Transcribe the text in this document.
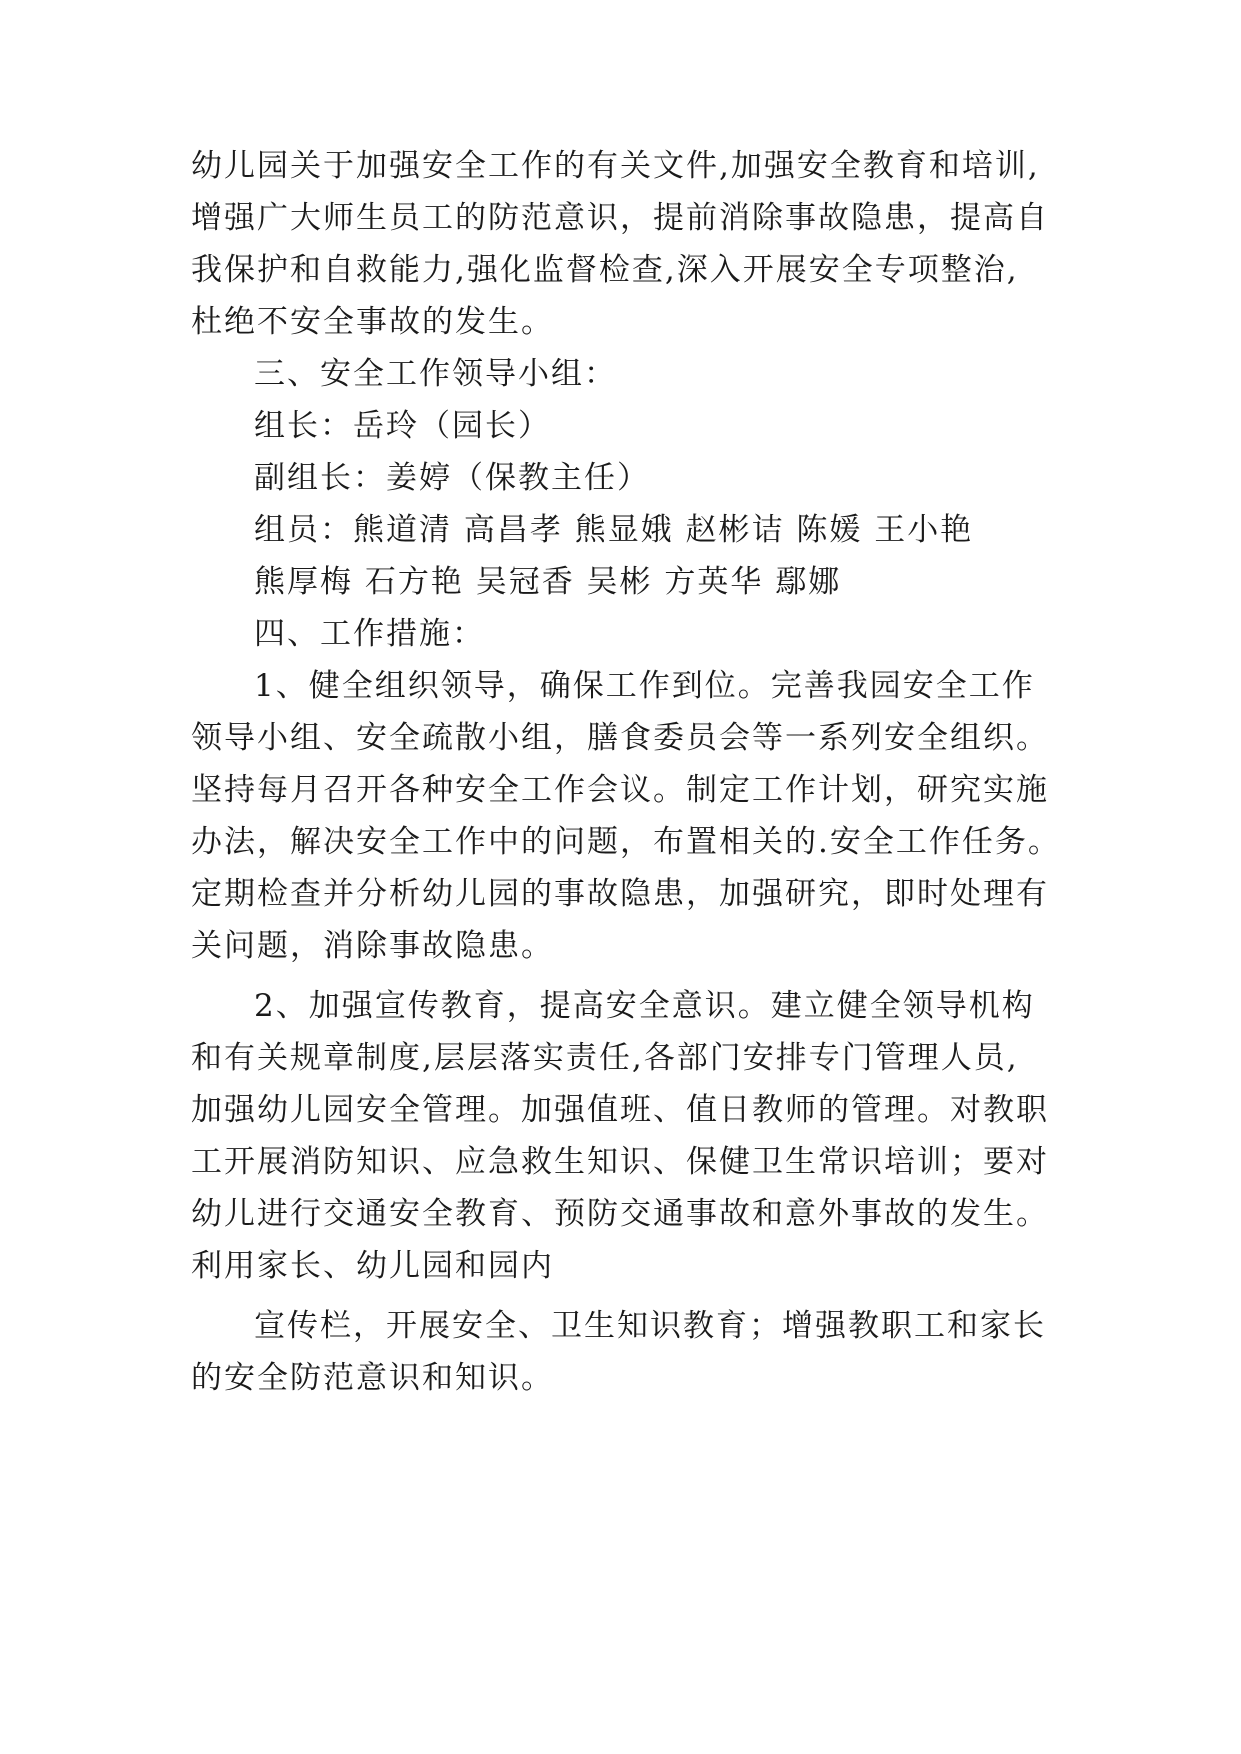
幼儿园关于加强安全工作的有关文件,加强安全教育和培训,
增强广大师生员工的防范意识，提前消除事故隐患，提高自
我保护和自救能力,强化监督检查,深入开展安全专项整治,
杜绝不安全事故的发生。
三、安全工作领导小组：
组长：岳玲（园长）
副组长：姜婷（保教主任）
组员：熊道清 高昌孝 熊显娥 赵彬诘 陈媛 王小艳
熊厚梅 石方艳 吴冠香 吴彬 方英华 鄢娜
四、工作措施：
1、健全组织领导，确保工作到位。完善我园安全工作
领导小组、安全疏散小组，膳食委员会等一系列安全组织。
坚持每月召开各种安全工作会议。制定工作计划，研究实施
办法，解决安全工作中的问题，布置相关的.安全工作任务。
定期检查并分析幼儿园的事故隐患，加强研究，即时处理有
关问题，消除事故隐患。
2、加强宣传教育，提高安全意识。建立健全领导机构
和有关规章制度,层层落实责任,各部门安排专门管理人员,
加强幼儿园安全管理。加强值班、值日教师的管理。对教职
工开展消防知识、应急救生知识、保健卫生常识培训；要对
幼儿进行交通安全教育、预防交通事故和意外事故的发生。
利用家长、幼儿园和园内
宣传栏，开展安全、卫生知识教育；增强教职工和家长
的安全防范意识和知识。
